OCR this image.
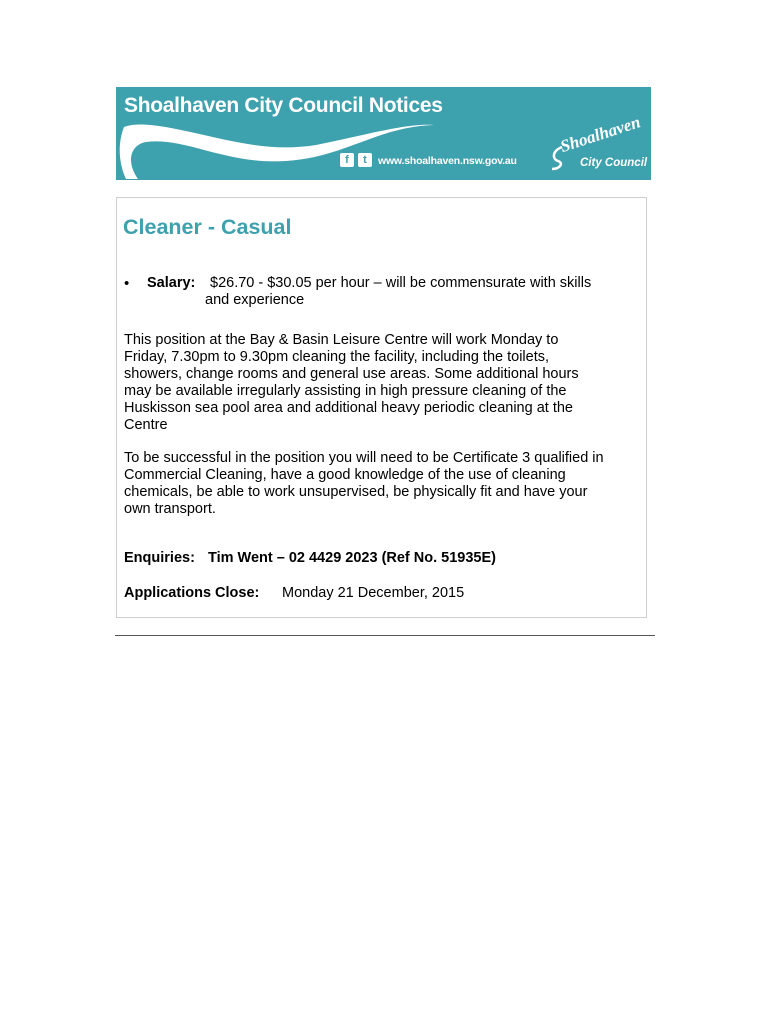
Shoalhaven City Council Notices
f	t	www.shoalhaven.nsw.gov.au
Shoalhaven
City Council
Cleaner - Casual
• Salary: $26.70 - $30.05 per hour – will be commensurate with skills
and experience
This position at the Bay & Basin Leisure Centre will work Monday to
Friday, 7.30pm to 9.30pm cleaning the facility, including the toilets,
showers, change rooms and general use areas. Some additional hours
may be available irregularly assisting in high pressure cleaning of the
Huskisson sea pool area and additional heavy periodic cleaning at the
Centre
To be successful in the position you will need to be Certificate 3 qualified in
Commercial Cleaning, have a good knowledge of the use of cleaning
chemicals, be able to work unsupervised, be physically fit and have your
own transport.
Enquiries: Tim Went – 02 4429 2023 (Ref No. 51935E)
Applications Close: Monday 21 December, 2015
